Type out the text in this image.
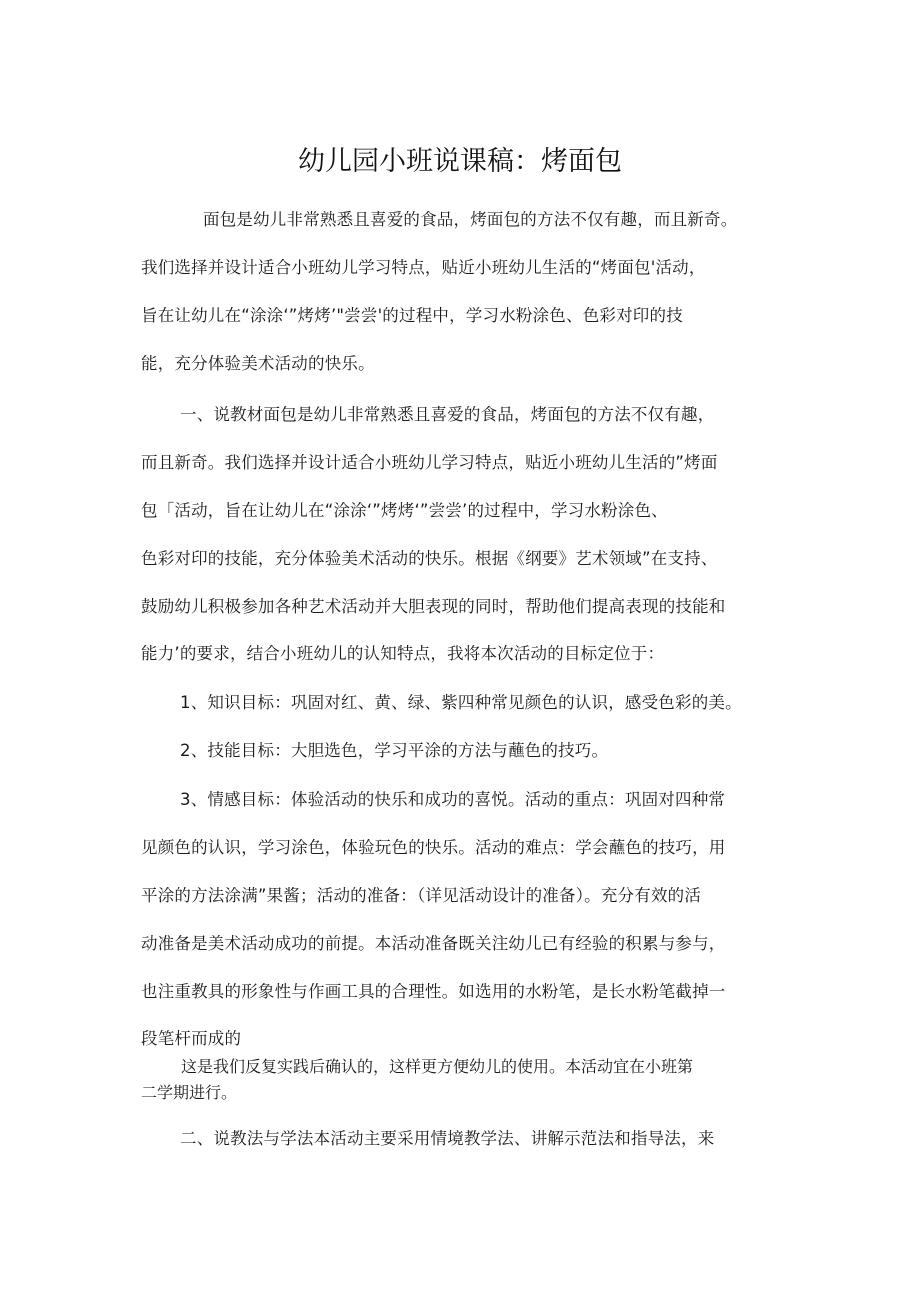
幼儿园小班说课稿：烤面包
面包是幼儿非常熟悉且喜爱的食品，烤面包的方法不仅有趣，而且新奇。
我们选择并设计适合小班幼儿学习特点，贴近小班幼儿生活的“烤面包'活动，
旨在让幼儿在“涂涂‘”烤烤’"尝尝'的过程中，学习水粉涂色、色彩对印的技
能，充分体验美术活动的快乐。
一、说教材面包是幼儿非常熟悉且喜爱的食品，烤面包的方法不仅有趣，
而且新奇。我们选择并设计适合小班幼儿学习特点，贴近小班幼儿生活的”烤面
包「活动，旨在让幼儿在“涂涂‘”烤烤‘”尝尝’的过程中，学习水粉涂色、
色彩对印的技能，充分体验美术活动的快乐。根据《纲要》艺术领域”在支持、
鼓励幼儿积极参加各种艺术活动并大胆表现的同时，帮助他们提高表现的技能和
能力’的要求，结合小班幼儿的认知特点，我将本次活动的目标定位于：
1、知识目标：巩固对红、黄、绿、紫四种常见颜色的认识，感受色彩的美。
2、技能目标：大胆选色，学习平涂的方法与蘸色的技巧。
3、情感目标：体验活动的快乐和成功的喜悦。活动的重点：巩固对四种常
见颜色的认识，学习涂色，体验玩色的快乐。活动的难点：学会蘸色的技巧，用
平涂的方法涂满”果酱；活动的准备：（详见活动设计的准备）。充分有效的活
动准备是美术活动成功的前提。本活动准备既关注幼儿已有经验的积累与参与，
也注重教具的形象性与作画工具的合理性。如选用的水粉笔，是长水粉笔截掉一
段笔杆而成的
这是我们反复实践后确认的，这样更方便幼儿的使用。本活动宜在小班第
二学期进行。
二、说教法与学法本活动主要采用情境教学法、讲解示范法和指导法，来
